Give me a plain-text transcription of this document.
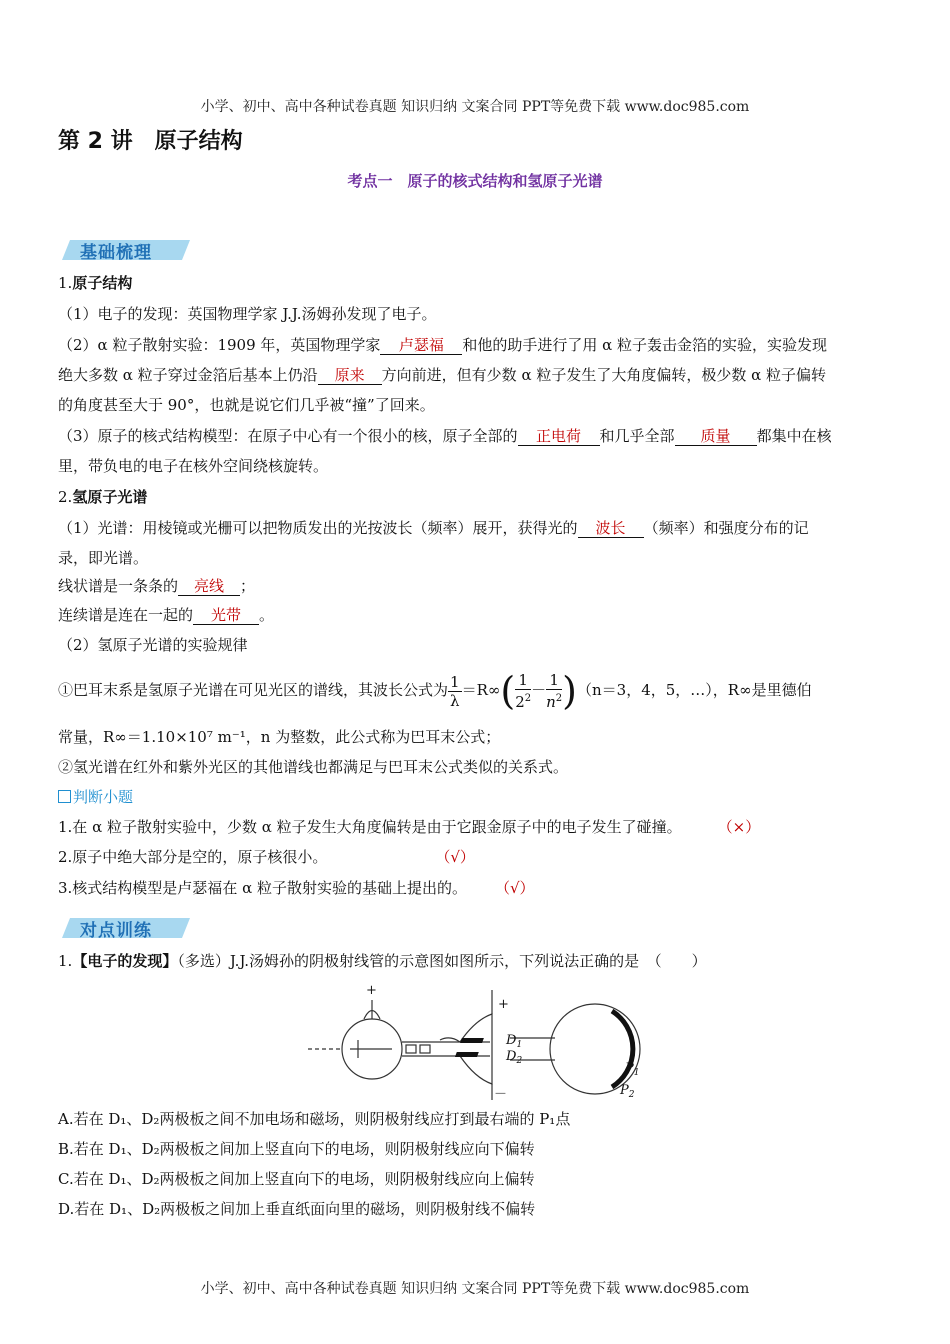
小学、初中、高中各种试卷真题 知识归纳 文案合同 PPT等免费下载 www.doc985.com
第 2 讲　原子结构
考点一　原子的核式结构和氢原子光谱
基础梳理
1.原子结构
（1）电子的发现：英国物理学家 J.J.汤姆孙发现了电子。
（2）α 粒子散射实验：1909 年，英国物理学家 卢瑟福 和他的助手进行了用 α 粒子轰击金箔的实验，实验发现
绝大多数 α 粒子穿过金箔后基本上仍沿 原来 方向前进，但有少数 α 粒子发生了大角度偏转，极少数 α 粒子偏转
的角度甚至大于 90°，也就是说它们几乎被“撞”了回来。
（3）原子的核式结构模型：在原子中心有一个很小的核，原子全部的 正电荷 和几乎全部 质量 都集中在核
里，带负电的电子在核外空间绕核旋转。
2.氢原子光谱
（1）光谱：用棱镜或光栅可以把物质发出的光按波长（频率）展开，获得光的 波长 （频率）和强度分布的记
录，即光谱。
线状谱是一条条的 亮线 ；
连续谱是连在一起的 光带 。
（2）氢原子光谱的实验规律
①巴耳末系是氢原子光谱在可见光区的谱线，其波长公式为 $\frac{1}{\lambda} =R\infty( \frac{1}{2^2} - \frac{1}{n^2} )(n=3$，4，5，…），R∞是里德伯
常量，R∞＝1.10×10⁷ m⁻¹，n 为整数，此公式称为巴耳末公式；
②氢光谱在红外和紫外光区的其他谱线也都满足与巴耳末公式类似的关系式。
判断小题
1.在 α 粒子散射实验中，少数 α 粒子发生大角度偏转是由于它跟金原子中的电子发生了碰撞。 （×）
2.原子中绝大部分是空的，原子核很小。	（√）
3.核式结构模型是卢瑟福在 α 粒子散射实验的基础上提出的。 （√）
对点训练
1.【电子的发现】（多选）J.J.汤姆孙的阴极射线管的示意图如图所示，下列说法正确的是　（　　）
+
+
－
$D_1$
$D_2$	$P_1$
$P_2$
A.若在 D₁、D₂两极板之间不加电场和磁场，则阴极射线应打到最右端的 P₁点
B.若在 D₁、D₂两极板之间加上竖直向下的电场，则阴极射线应向下偏转
C.若在 D₁、D₂两极板之间加上竖直向下的电场，则阴极射线应向上偏转
D.若在 D₁、D₂两极板之间加上垂直纸面向里的磁场，则阴极射线不偏转
小学、初中、高中各种试卷真题 知识归纳 文案合同 PPT等免费下载 www.doc985.com
